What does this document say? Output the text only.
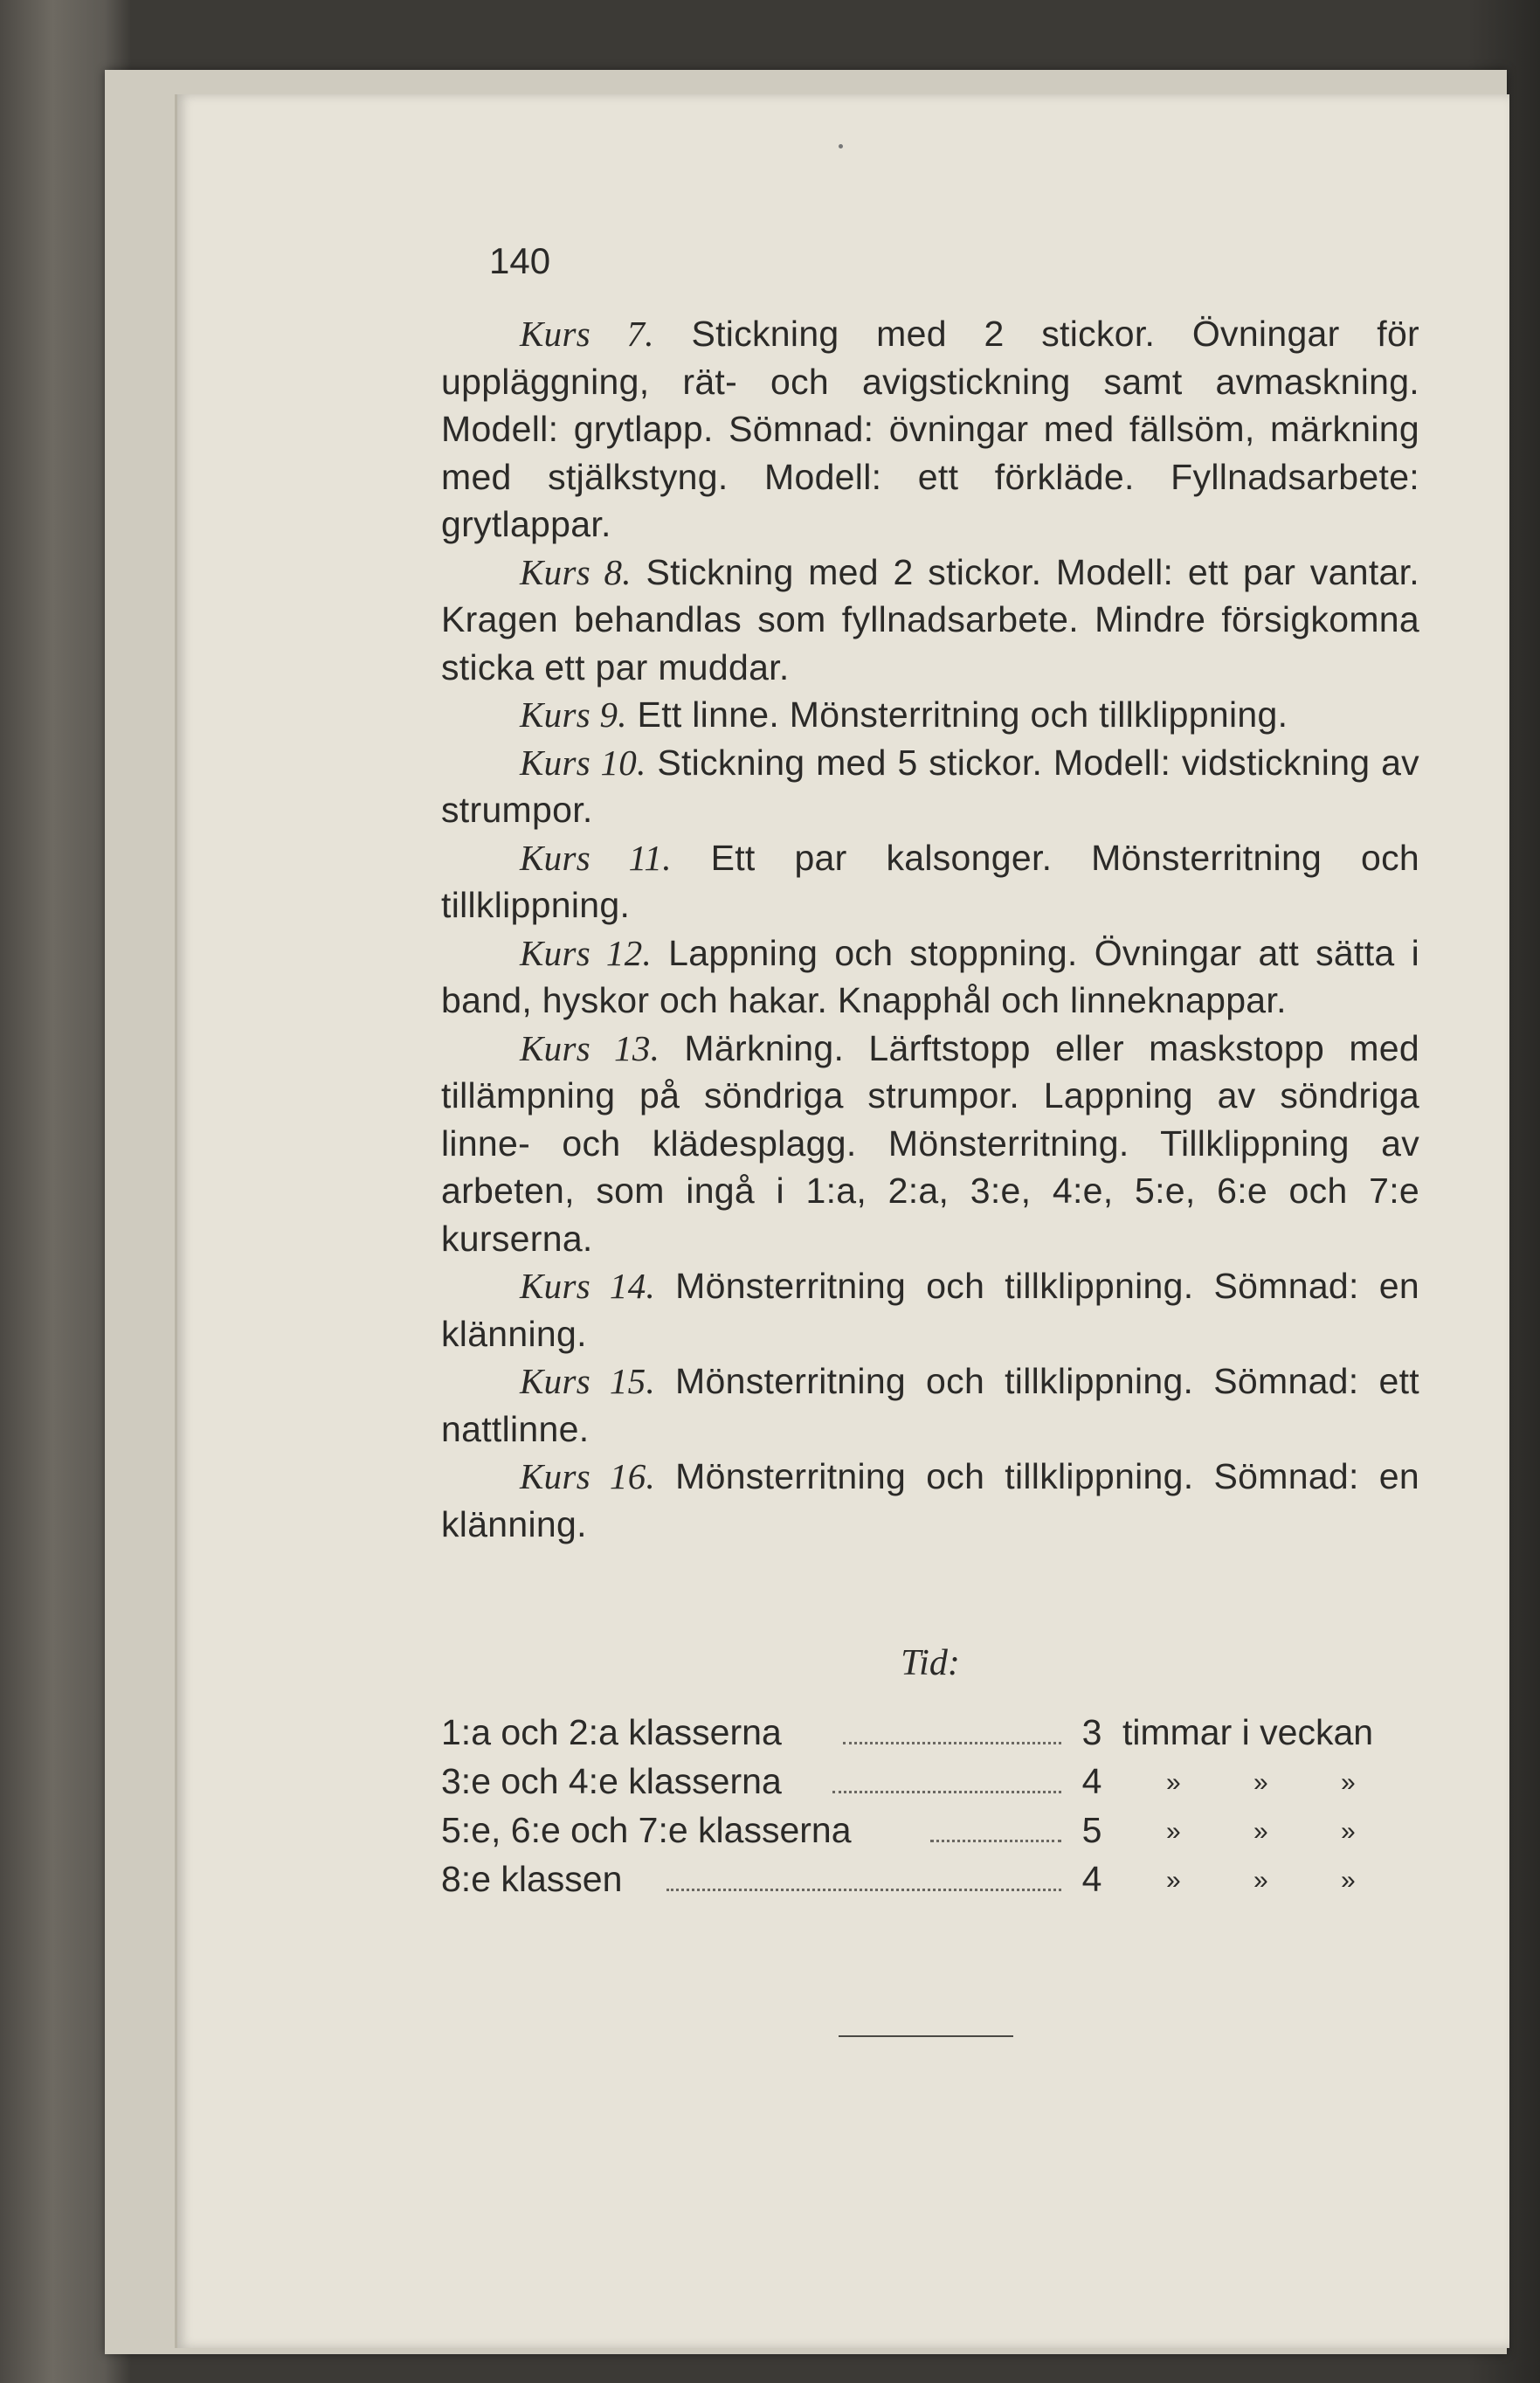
140

Kurs 7. Stickning med 2 stickor. Övningar för uppläggning, rät- och avigstickning samt avmaskning. Modell: grytlapp. Sömnad: övningar med fällsöm, märkning med stjälkstyng. Modell: ett förkläde. Fyllnadsarbete: grytlappar.

Kurs 8. Stickning med 2 stickor. Modell: ett par vantar. Kragen behandlas som fyllnadsarbete. Mindre försigkomna sticka ett par muddar.

Kurs 9. Ett linne. Mönsterritning och tillklippning.

Kurs 10. Stickning med 5 stickor. Modell: vidstickning av strumpor.

Kurs 11. Ett par kalsonger. Mönsterritning och tillklippning.

Kurs 12. Lappning och stoppning. Övningar att sätta i band, hyskor och hakar. Knapphål och linneknappar.

Kurs 13. Märkning. Lärftstopp eller maskstopp med tillämpning på söndriga strumpor. Lappning av söndriga linne- och klädesplagg. Mönsterritning. Tillklippning av arbeten, som ingå i 1:a, 2:a, 3:e, 4:e, 5:e, 6:e och 7:e kurserna.

Kurs 14. Mönsterritning och tillklippning. Sömnad: en klänning.

Kurs 15. Mönsterritning och tillklippning. Sömnad: ett nattlinne.

Kurs 16. Mönsterritning och tillklippning. Sömnad: en klänning.

Tid:
1:a och 2:a klasserna	3 timmar i veckan
3:e och 4:e klasserna	4 »	»	»
5:e, 6:e och 7:e klasserna	5 »	»	»
8:e klassen	4 »	»	»
